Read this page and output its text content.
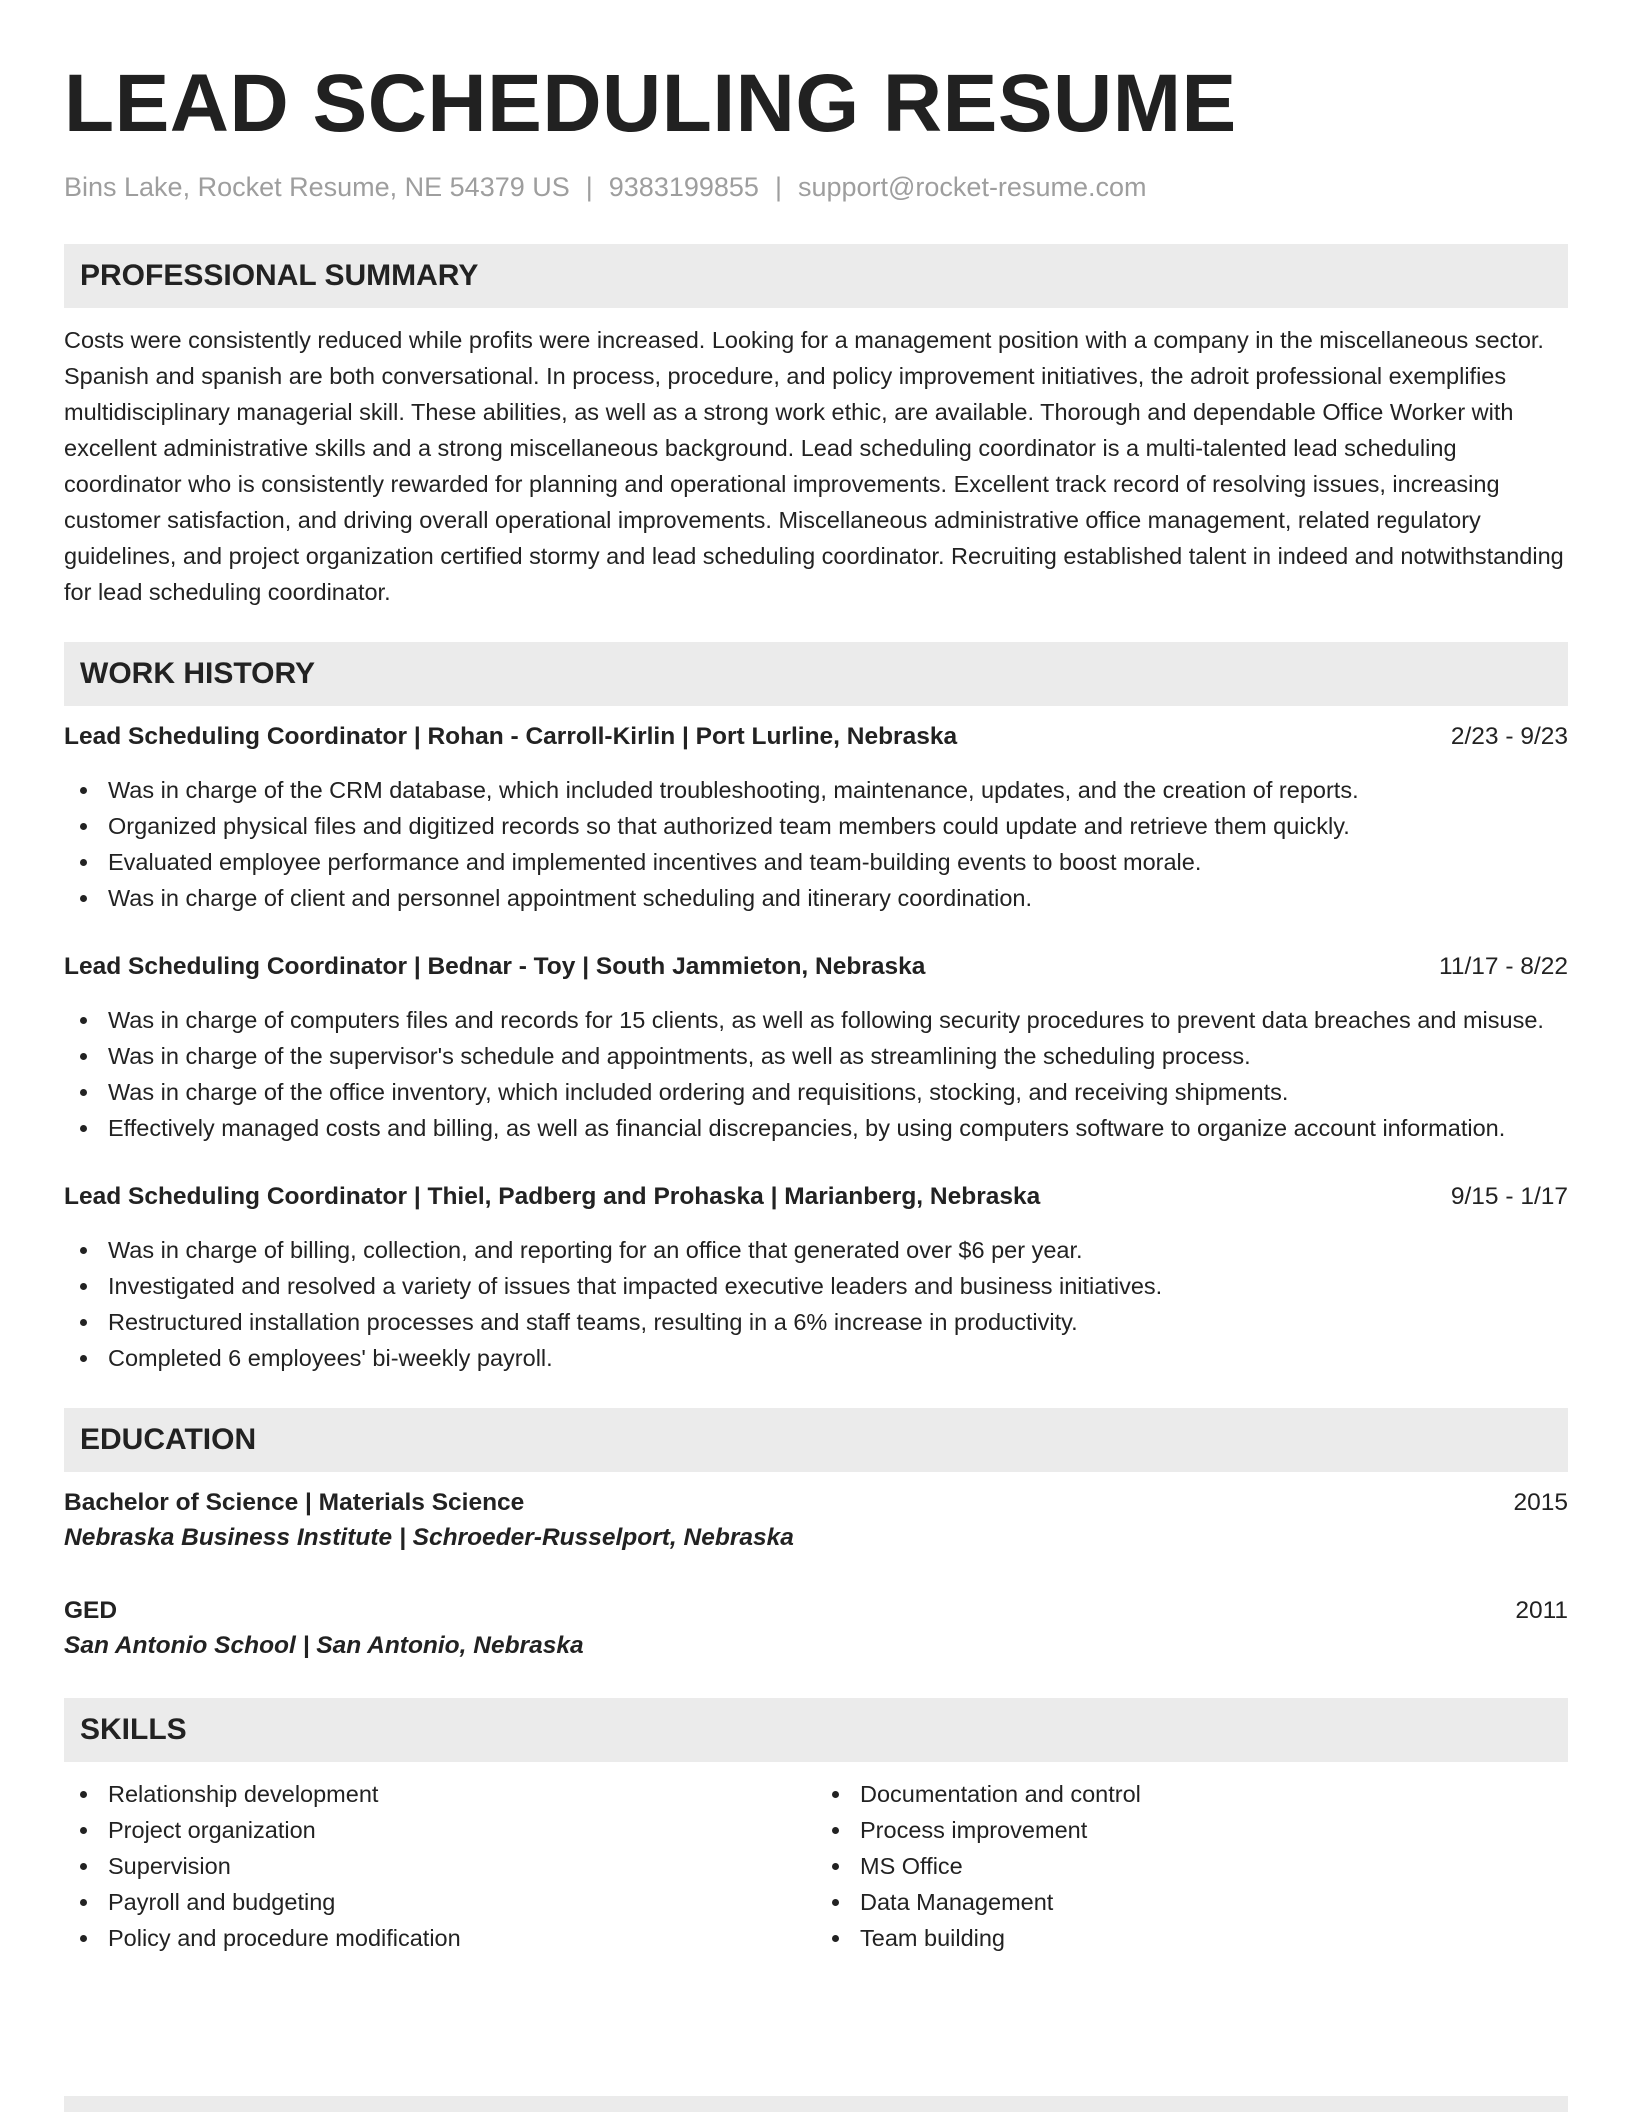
LEAD SCHEDULING RESUME
Bins Lake, Rocket Resume, NE 54379 US | 9383199855 | support@rocket-resume.com
PROFESSIONAL SUMMARY
Costs were consistently reduced while profits were increased. Looking for a management position with a company in the miscellaneous sector. Spanish and spanish are both conversational. In process, procedure, and policy improvement initiatives, the adroit professional exemplifies multidisciplinary managerial skill. These abilities, as well as a strong work ethic, are available. Thorough and dependable Office Worker with excellent administrative skills and a strong miscellaneous background. Lead scheduling coordinator is a multi-talented lead scheduling coordinator who is consistently rewarded for planning and operational improvements. Excellent track record of resolving issues, increasing customer satisfaction, and driving overall operational improvements. Miscellaneous administrative office management, related regulatory guidelines, and project organization certified stormy and lead scheduling coordinator. Recruiting established talent in indeed and notwithstanding for lead scheduling coordinator.
WORK HISTORY
Lead Scheduling Coordinator | Rohan - Carroll-Kirlin | Port Lurline, Nebraska	2/23 - 9/23
Was in charge of the CRM database, which included troubleshooting, maintenance, updates, and the creation of reports.
Organized physical files and digitized records so that authorized team members could update and retrieve them quickly.
Evaluated employee performance and implemented incentives and team-building events to boost morale.
Was in charge of client and personnel appointment scheduling and itinerary coordination.
Lead Scheduling Coordinator | Bednar - Toy | South Jammieton, Nebraska	11/17 - 8/22
Was in charge of computers files and records for 15 clients, as well as following security procedures to prevent data breaches and misuse.
Was in charge of the supervisor's schedule and appointments, as well as streamlining the scheduling process.
Was in charge of the office inventory, which included ordering and requisitions, stocking, and receiving shipments.
Effectively managed costs and billing, as well as financial discrepancies, by using computers software to organize account information.
Lead Scheduling Coordinator | Thiel, Padberg and Prohaska | Marianberg, Nebraska	9/15 - 1/17
Was in charge of billing, collection, and reporting for an office that generated over $6 per year.
Investigated and resolved a variety of issues that impacted executive leaders and business initiatives.
Restructured installation processes and staff teams, resulting in a 6% increase in productivity.
Completed 6 employees' bi-weekly payroll.
EDUCATION
Bachelor of Science | Materials Science	2015
Nebraska Business Institute | Schroeder-Russelport, Nebraska
GED	2011
San Antonio School | San Antonio, Nebraska
SKILLS
Relationship development
Project organization
Supervision
Payroll and budgeting
Policy and procedure modification
Documentation and control
Process improvement
MS Office
Data Management
Team building
